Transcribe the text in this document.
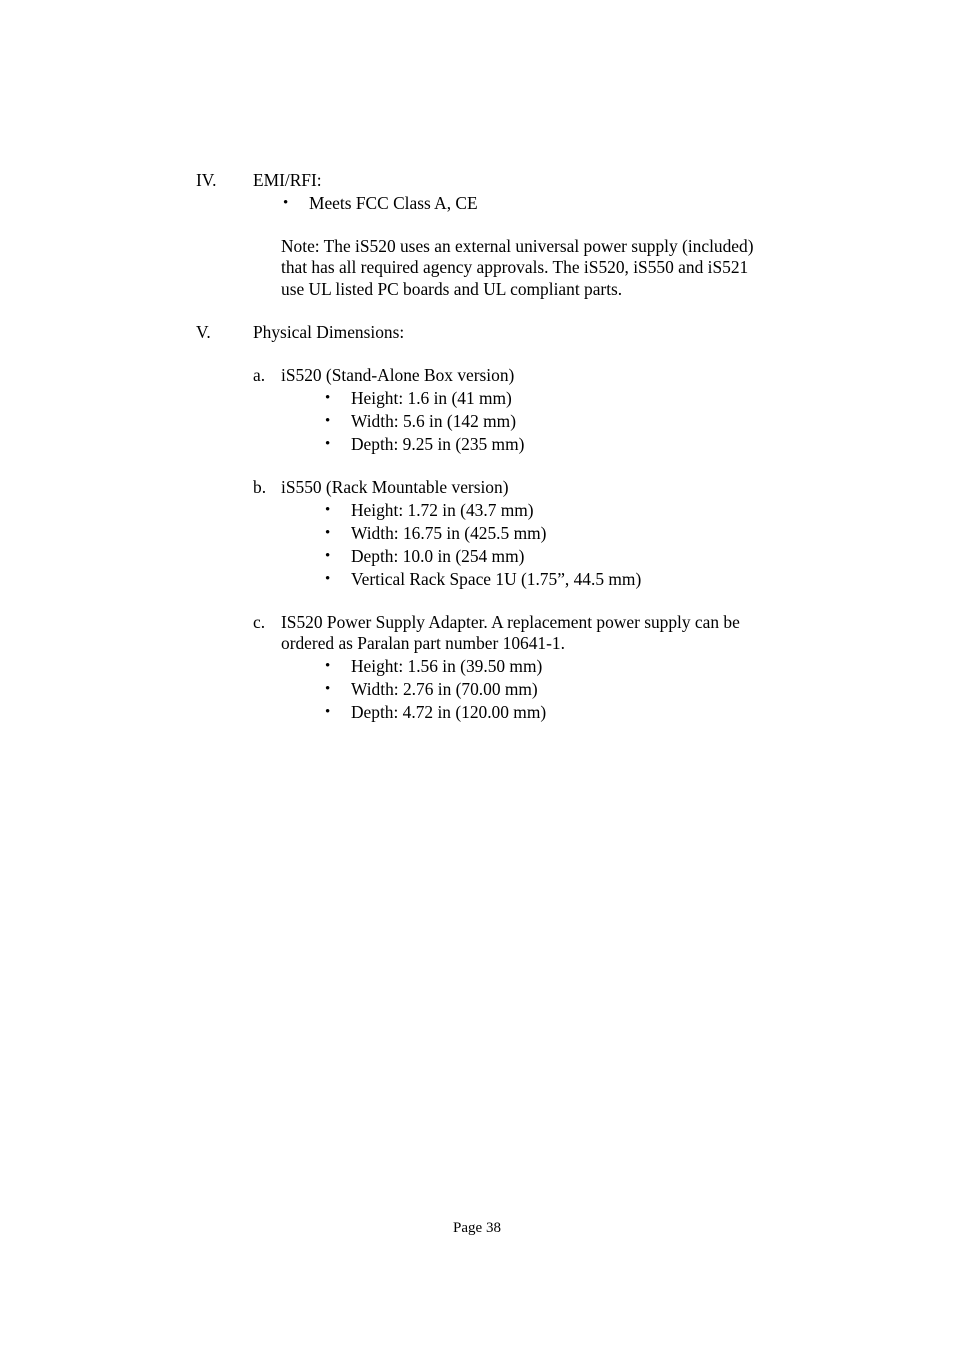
IV. EMI/RFI:
• Meets FCC Class A, CE
Note: The iS520 uses an external universal power supply (included)
that has all required agency approvals. The iS520, iS550 and iS521
use UL listed PC boards and UL compliant parts.
V. Physical Dimensions:
a. iS520 (Stand-Alone Box version)
• Height: 1.6 in (41 mm)
• Width: 5.6 in (142 mm)
• Depth: 9.25 in (235 mm)
b. iS550 (Rack Mountable version)
• Height: 1.72 in (43.7 mm)
• Width: 16.75 in (425.5 mm)
• Depth: 10.0 in (254 mm)
• Vertical Rack Space 1U (1.75”, 44.5 mm)
c. IS520 Power Supply Adapter. A replacement power supply can be
ordered as Paralan part number 10641-1.
• Height: 1.56 in (39.50 mm)
• Width: 2.76 in (70.00 mm)
• Depth: 4.72 in (120.00 mm)
Page 38
